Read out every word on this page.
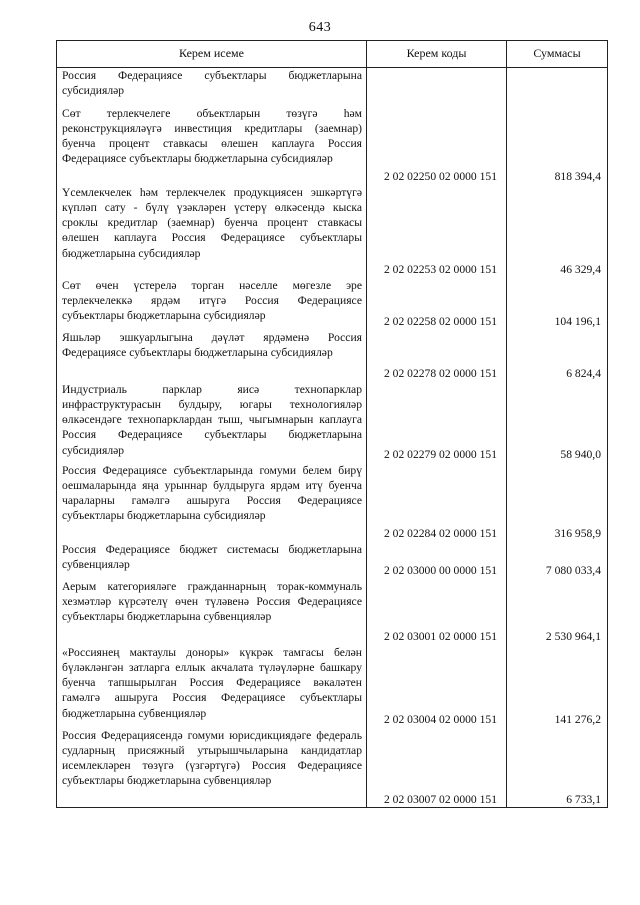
643
Керем исеме	Керем коды	Суммасы
Россия Федерациясе субъектлары бюджетларына субсидияләр		
Сөт терлекчелеге объектларын төзүгә һәм реконструкцияләүгә инвестиция кредитлары (заемнар) буенча процент ставкасы өлешен каплауга Россия Федерациясе субъектлары бюджетларына субсидияләр	2 02 02250 02 0000 151	818 394,4
Үсемлекчелек һәм терлекчелек продукциясен эшкәртүгә күпләп сату - бүлү үзәкләрен үстерү өлкәсендә кыска сроклы кредитлар (заемнар) буенча процент ставкасы өлешен каплауга Россия Федерациясе субъектлары бюджетларына субсидияләр	2 02 02253 02 0000 151	46 329,4
Сөт өчен үстерелә торган нәселле мөгезле эре терлекчелеккә ярдәм итүгә Россия Федерациясе субъектлары бюджетларына субсидияләр	2 02 02258 02 0000 151	104 196,1
Яшьләр эшкуарлыгына дәүләт ярдәменә Россия Федерациясе субъектлары бюджетларына субсидияләр	2 02 02278 02 0000 151	6 824,4
Индустриаль парклар яисә технопарклар инфраструктурасын булдыру, югары технологияләр өлкәсендәге технопарклардан тыш, чыгымнарын каплауга Россия Федерациясе субъектлары бюджетларына субсидияләр	2 02 02279 02 0000 151	58 940,0
Россия Федерациясе субъектларында гомуми белем бирү оешмаларында яңа урыннар булдыруга ярдәм итү буенча чараларны гамәлгә ашыруга Россия Федерациясе субъектлары бюджетларына субсидияләр	2 02 02284 02 0000 151	316 958,9
Россия Федерациясе бюджет системасы бюджетларына субвенцияләр	2 02 03000 00 0000 151	7 080 033,4
Аерым категорияләге гражданнарның торак-коммуналь хезмәтләр күрсәтелү өчен түләвенә Россия Федерациясе субъектлары бюджетларына субвенцияләр	2 02 03001 02 0000 151	2 530 964,1
«Россиянең мактаулы доноры» күкрәк тамгасы белән бүләкләнгән затларга еллык акчалата түләүләрне башкару буенча тапшырылган Россия Федерациясе вәкаләтен гамәлгә ашыруга Россия Федерациясе субъектлары бюджетларына субвенцияләр	2 02 03004 02 0000 151	141 276,2
Россия Федерациясендә гомуми юрисдикциядәге федераль судларның присяжный утырышчыларына кандидатлар исемлекләрен төзүгә (үзгәртүгә) Россия Федерациясе субъектлары бюджетларына субвенцияләр	2 02 03007 02 0000 151	6 733,1
